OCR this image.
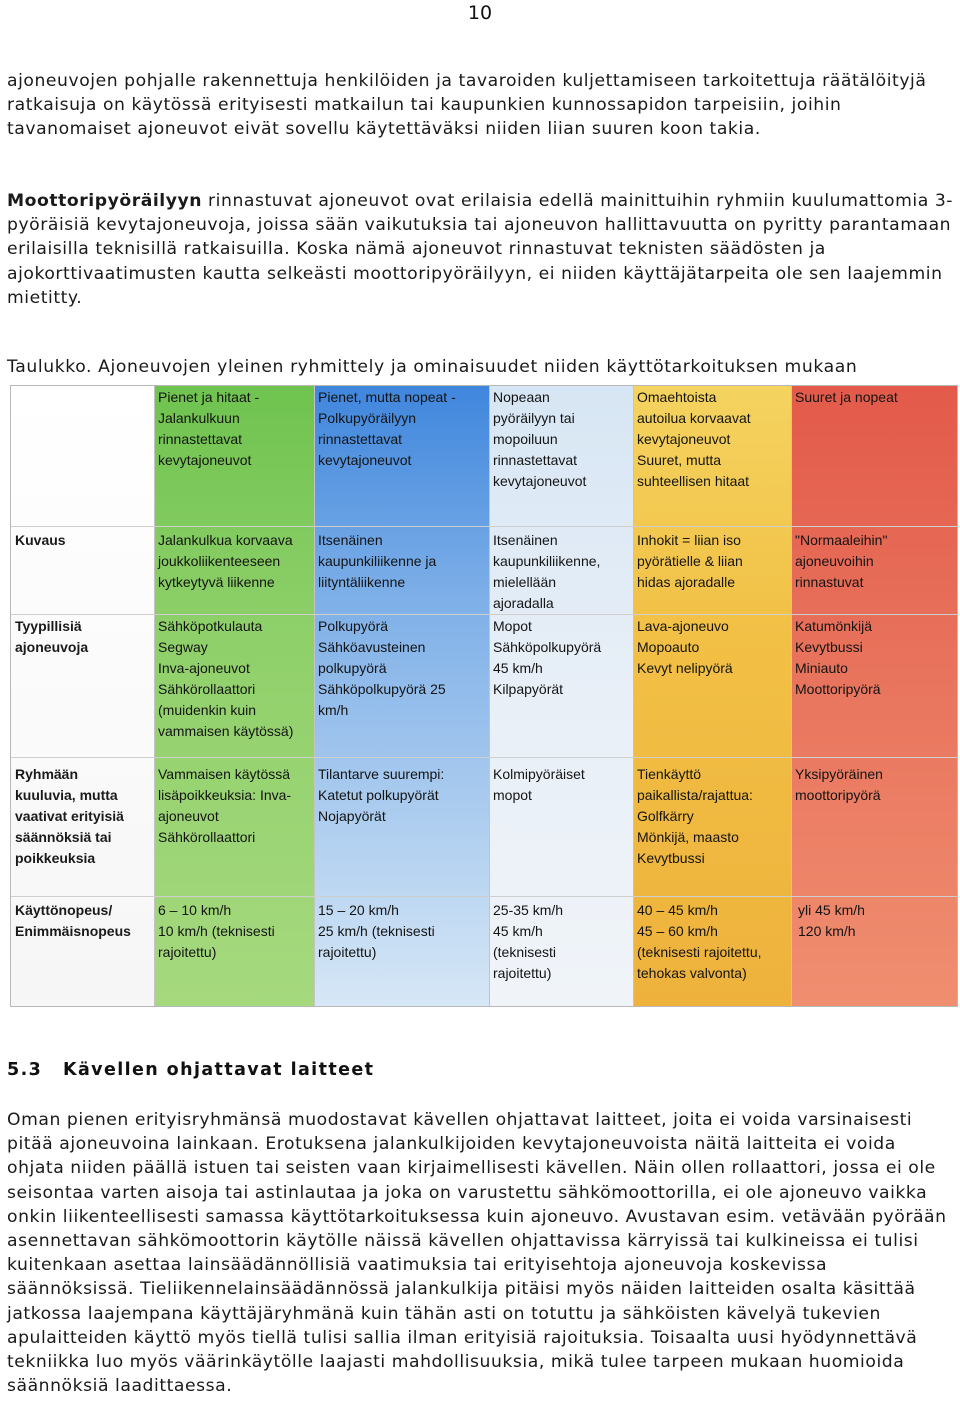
10
ajoneuvojen pohjalle rakennettuja henkilöiden ja tavaroiden kuljettamiseen tarkoitettuja räätälöityjä ratkaisuja on käytössä erityisesti matkailun tai kaupunkien kunnossapidon tarpeisiin, joihin tavanomaiset ajoneuvot eivät sovellu käytettäväksi niiden liian suuren koon takia.
Moottoripyöräilyyn rinnastuvat ajoneuvot ovat erilaisia edellä mainittuihin ryhmiin kuulumattomia 3-pyöräisiä kevytajoneuvoja, joissa sään vaikutuksia tai ajoneuvon hallittavuutta on pyritty parantamaan erilaisilla teknisillä ratkaisuilla. Koska nämä ajoneuvot rinnastuvat teknisten säädösten ja ajokorttivaatimusten kautta selkeästi moottoripyöräilyyn, ei niiden käyttäjätarpeita ole sen laajemmin mietitty.
Taulukko. Ajoneuvojen yleinen ryhmittely ja ominaisuudet niiden käyttötarkoituksen mukaan
Pienet ja hitaat -
Jalankulkuun
rinnastettavat
kevytajoneuvot
Pienet, mutta nopeat -
Polkupyöräilyyn
rinnastettavat
kevytajoneuvot
Nopeaan
pyöräilyyn tai
mopoiluun
rinnastettavat
kevytajoneuvot
Omaehtoista
autoilua korvaavat
kevytajoneuvot
Suuret, mutta
suhteellisen hitaat
Suuret ja nopeat
Kuvaus	Jalankulkua korvaava
joukkoliikenteeseen
kytkeytyvä liikenne
Itsenäinen
kaupunkiliikenne ja
liityntäliikenne
Itsenäinen
kaupunkiliikenne,
mielellään
ajoradalla
Inhokit = liian iso
pyörätielle & liian
hidas ajoradalle
"Normaaleihin"
ajoneuvoihin
rinnastuvat
Tyypillisiä
ajoneuvoja
Sähköpotkulauta
Segway
Inva-ajoneuvot
Sähkörollaattori
(muidenkin kuin
vammaisen käytössä)
Polkupyörä
Sähköavusteinen
polkupyörä
Sähköpolkupyörä 25
km/h
Mopot
Sähköpolkupyörä
45 km/h
Kilpapyörät
Lava-ajoneuvo
Mopoauto
Kevyt nelipyörä
Katumönkijä
Kevytbussi
Miniauto
Moottoripyörä
Ryhmään
kuuluvia, mutta
vaativat erityisiä
säännöksiä tai
poikkeuksia
Vammaisen käytössä
lisäpoikkeuksia: Inva-
ajoneuvot
Sähkörollaattori
Tilantarve suurempi:
Katetut polkupyörät
Nojapyörät
Kolmipyöräiset
mopot
Tienkäyttö
paikallista/rajattua:
Golfkärry
Mönkijä, maasto
Kevytbussi
Yksipyöräinen
moottoripyörä
Käyttönopeus/
Enimmäisnopeus
6 – 10 km/h
10 km/h (teknisesti
rajoitettu)
15 – 20 km/h
25 km/h (teknisesti
rajoitettu)
25-35 km/h
45 km/h
(teknisesti
rajoitettu)
40 – 45 km/h
45 – 60 km/h
(teknisesti rajoitettu,
tehokas valvonta)
yli 45 km/h
120 km/h
5.3 Kävellen ohjattavat laitteet
Oman pienen erityisryhmänsä muodostavat kävellen ohjattavat laitteet, joita ei voida varsinaisesti pitää ajoneuvoina lainkaan. Erotuksena jalankulkijoiden kevytajoneuvoista näitä laitteita ei voida ohjata niiden päällä istuen tai seisten vaan kirjaimellisesti kävellen. Näin ollen rollaattori, jossa ei ole seisontaa varten aisoja tai astinlautaa ja joka on varustettu sähkömoottorilla, ei ole ajoneuvo vaikka onkin liikenteellisesti samassa käyttötarkoituksessa kuin ajoneuvo. Avustavan esim. vetävään pyörään asennettavan sähkömoottorin käytölle näissä kävellen ohjattavissa kärryissä tai kulkineissa ei tulisi kuitenkaan asettaa lainsäädännöllisiä vaatimuksia tai erityisehtoja ajoneuvoja koskevissa säännöksissä. Tieliikennelainsäädännössä jalankulkija pitäisi myös näiden laitteiden osalta käsittää jatkossa laajempana käyttäjäryhmänä kuin tähän asti on totuttu ja sähköisten kävelyä tukevien apulaitteiden käyttö myös tiellä tulisi sallia ilman erityisiä rajoituksia. Toisaalta uusi hyödynnettävä tekniikka luo myös väärinkäytölle laajasti mahdollisuuksia, mikä tulee tarpeen mukaan huomioida säännöksiä laadittaessa.
